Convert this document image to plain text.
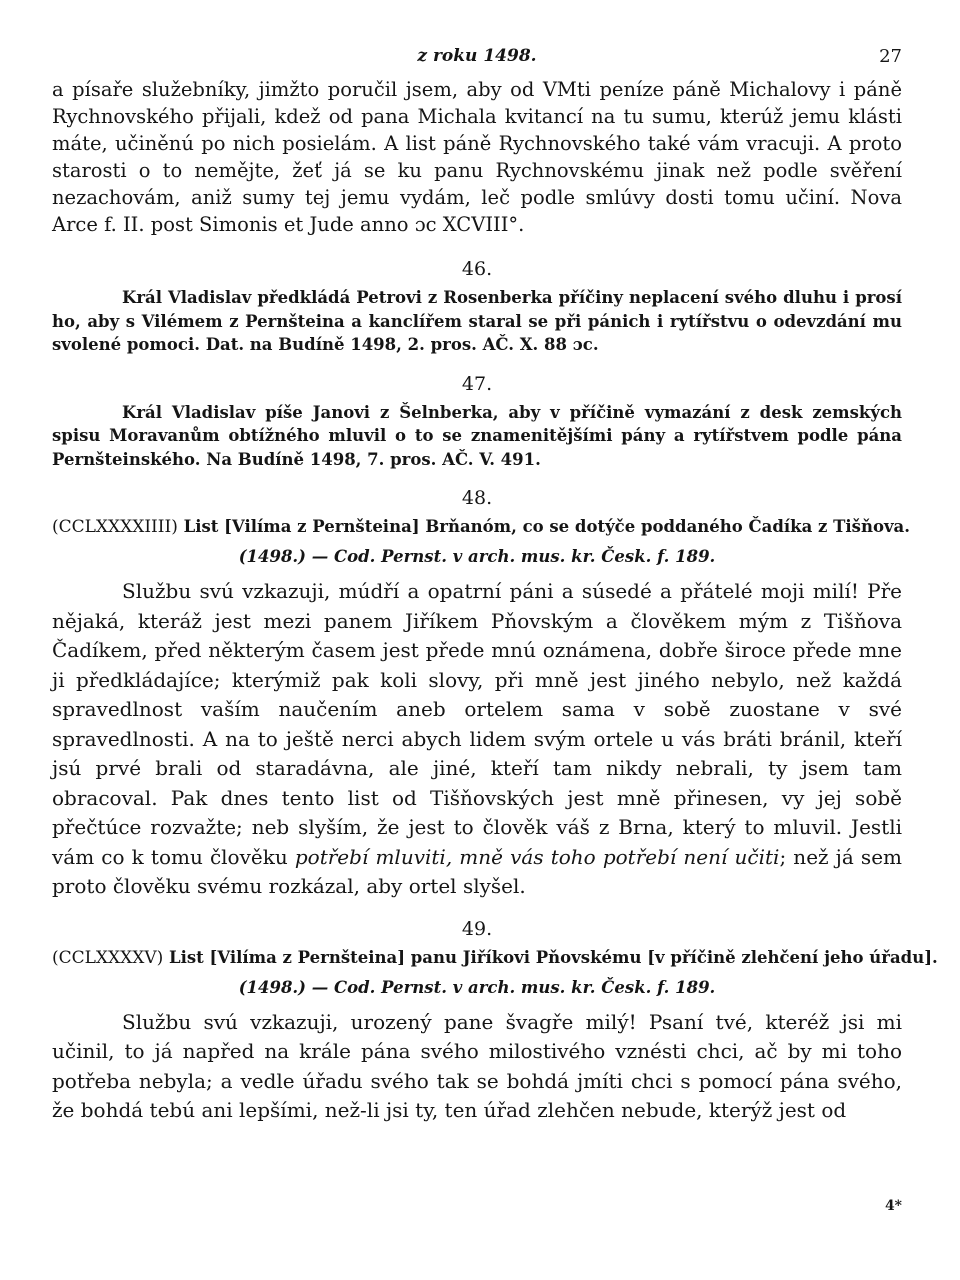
z roku 1498.	27

a písaře služebníky, jimžto poručil jsem, aby od VMti peníze páně Michalovy i páně Rychnovského přijali, kdež od pana Michala kvitancí na tu sumu, kterúž jemu klásti máte, učiněnú po nich posielám. A list páně Rychnovského také vám vracuji. A proto starosti o to nemějte, žeť já se ku panu Rychnovskému jinak než podle svěření nezachovám, aniž sumy tej jemu vydám, leč podle smlúvy dosti tomu učiní. Nova Arce f. II. post Simonis et Jude anno ɔc XCVIII°.

46.

Král Vladislav předkládá Petrovi z Rosenberka příčiny neplacení svého dluhu i prosí ho, aby s Vilémem z Pernšteina a kanclířem staral se při pánich i rytířstvu o odevzdání mu svolené pomoci. Dat. na Budíně 1498, 2. pros. AČ. X. 88 ɔc.

47.

Král Vladislav píše Janovi z Šelnberka, aby v příčině vymazání z desk zemských spisu Moravanům obtížného mluvil o to se znamenitějšími pány a rytířstvem podle pána Pernšteinského. Na Budíně 1498, 7. pros. AČ. V. 491.

48.
(CCLXXXXIIII) List [Vilíma z Pernšteina] Brňanóm, co se dotýče poddaného Čadíka z Tišňova.
(1498.) — Cod. Pernst. v arch. mus. kr. Česk. f. 189.

Službu svú vzkazuji, múdří a opatrní páni a súsedé a přátelé moji milí! Pře nějaká, kteráž jest mezi panem Jiříkem Pňovským a člověkem mým z Tišňova Čadíkem, před některým časem jest přede mnú oznámena, dobře široce přede mne ji předkládajíce; kterýmiž pak koli slovy, při mně jest jiného nebylo, než každá spravedlnost vaším naučením aneb ortelem sama v sobě zuostane v své spravedlnosti. A na to ještě nerci abych lidem svým ortele u vás bráti bránil, kteří jsú prvé brali od staradávna, ale jiné, kteří tam nikdy nebrali, ty jsem tam obracoval. Pak dnes tento list od Tišňovských jest mně přinesen, vy jej sobě přečtúce rozvažte; neb slyším, že jest to člověk váš z Brna, který to mluvil. Jestli vám co k tomu člověku potřebí mluviti, mně vás toho potřebí není učiti; než já sem proto člověku svému rozkázal, aby ortel slyšel.

49.
(CCLXXXXV) List [Vilíma z Pernšteina] panu Jiříkovi Pňovskému [v příčině zlehčení jeho úřadu].
(1498.) — Cod. Pernst. v arch. mus. kr. Česk. f. 189.

Službu svú vzkazuji, urozený pane švagře milý! Psaní tvé, kteréž jsi mi učinil, to já napřed na krále pána svého milostivého vznésti chci, ač by mi toho potřeba nebyla; a vedle úřadu svého tak se bohdá jmíti chci s pomocí pána svého, že bohdá tebú ani lepšími, než-li jsi ty, ten úřad zlehčen nebude, kterýž jest od

4*
